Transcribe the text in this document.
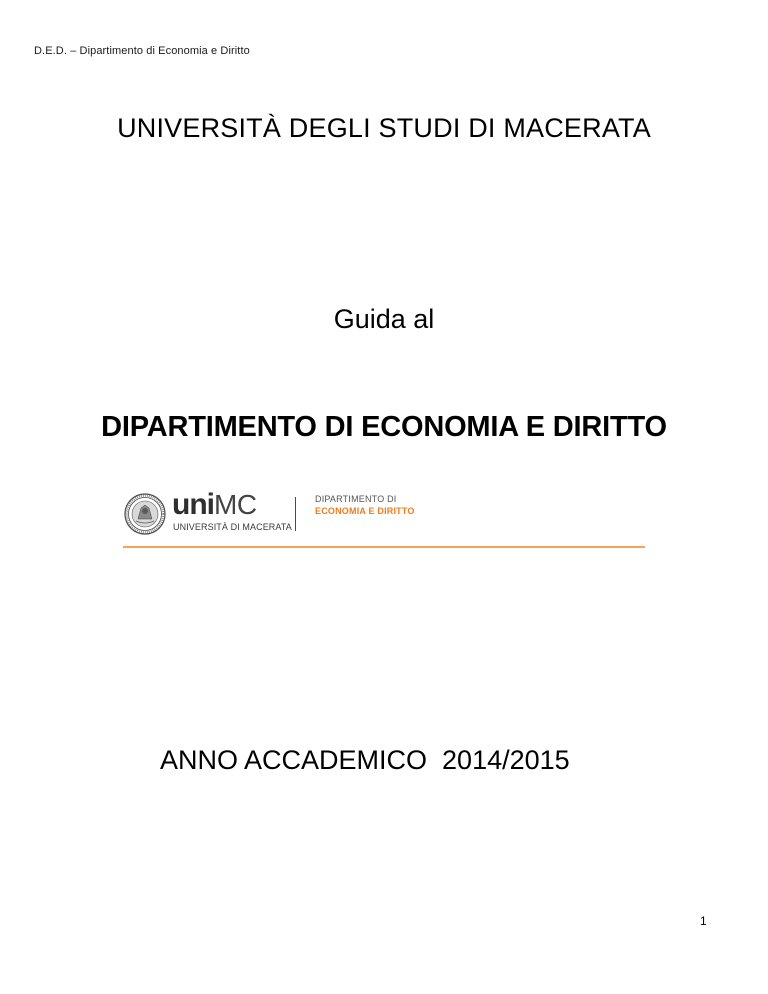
D.E.D. – Dipartimento di Economia e Diritto
UNIVERSITÀ DEGLI STUDI DI MACERATA
Guida al
DIPARTIMENTO DI ECONOMIA E DIRITTO
uniMC
UNIVERSITÀ DI MACERATA
DIPARTIMENTO DI
ECONOMIA E DIRITTO
ANNO ACCADEMICO  2014/2015
1
